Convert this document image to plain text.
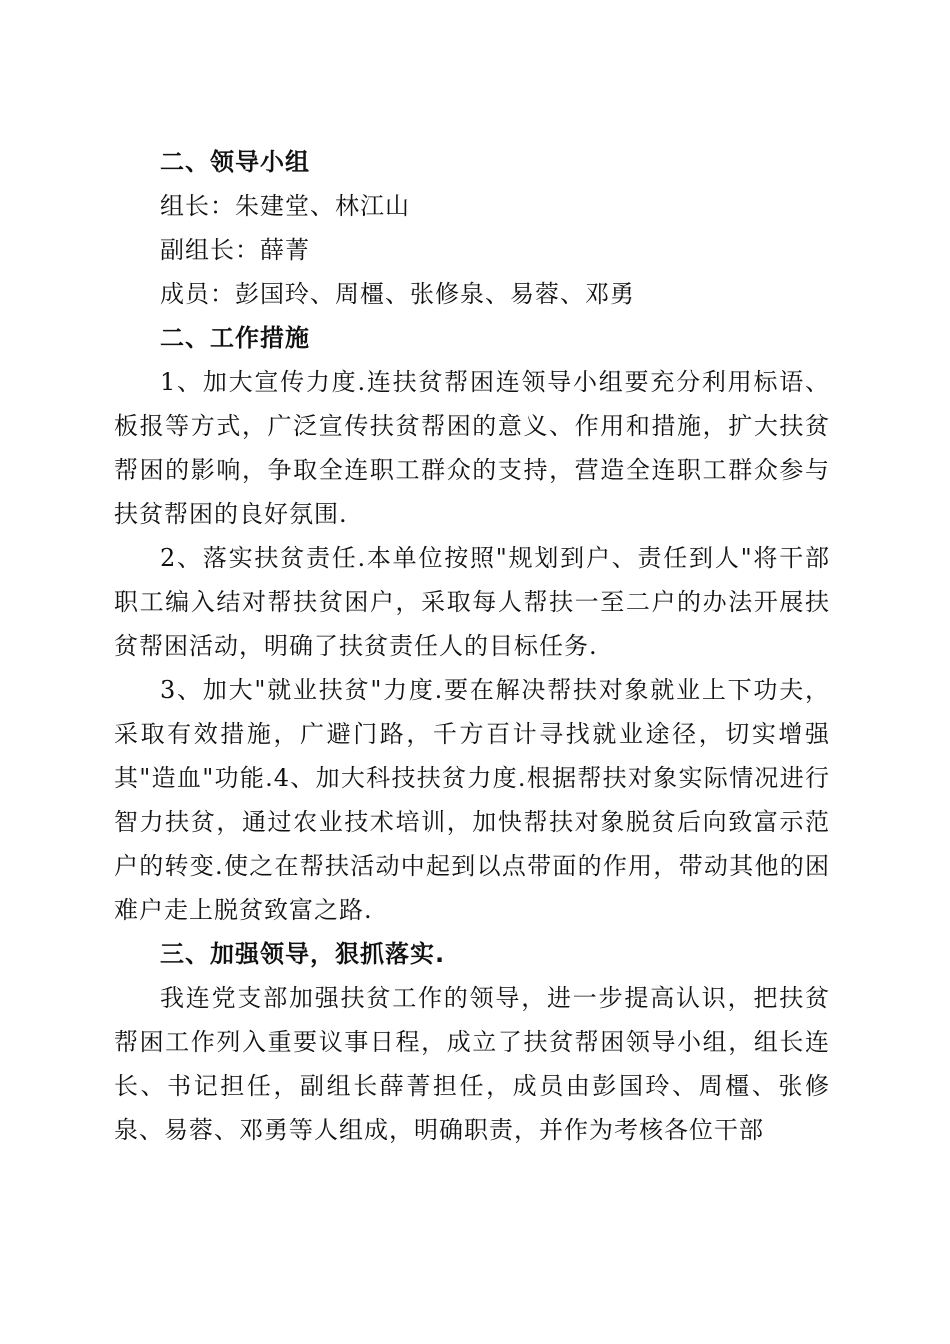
二、领导小组

组长：朱建堂、林江山

副组长：薛菁

成员：彭国玲、周橿、张修泉、易蓉、邓勇

二、工作措施

1、加大宣传力度.连扶贫帮困连领导小组要充分利用标语、板报等方式，广泛宣传扶贫帮困的意义、作用和措施，扩大扶贫帮困的影响，争取全连职工群众的支持，营造全连职工群众参与扶贫帮困的良好氛围.

2、落实扶贫责任.本单位按照"规划到户、责任到人"将干部职工编入结对帮扶贫困户，采取每人帮扶一至二户的办法开展扶贫帮困活动，明确了扶贫责任人的目标任务.

3、加大"就业扶贫"力度.要在解决帮扶对象就业上下功夫，采取有效措施，广避门路，千方百计寻找就业途径，切实增强其"造血"功能.4、加大科技扶贫力度.根据帮扶对象实际情况进行智力扶贫，通过农业技术培训，加快帮扶对象脱贫后向致富示范户的转变.使之在帮扶活动中起到以点带面的作用，带动其他的困难户走上脱贫致富之路.

三、加强领导，狠抓落实.

我连党支部加强扶贫工作的领导，进一步提高认识，把扶贫帮困工作列入重要议事日程，成立了扶贫帮困领导小组，组长连长、书记担任，副组长薛菁担任，成员由彭国玲、周橿、张修泉、易蓉、邓勇等人组成，明确职责，并作为考核各位干部
